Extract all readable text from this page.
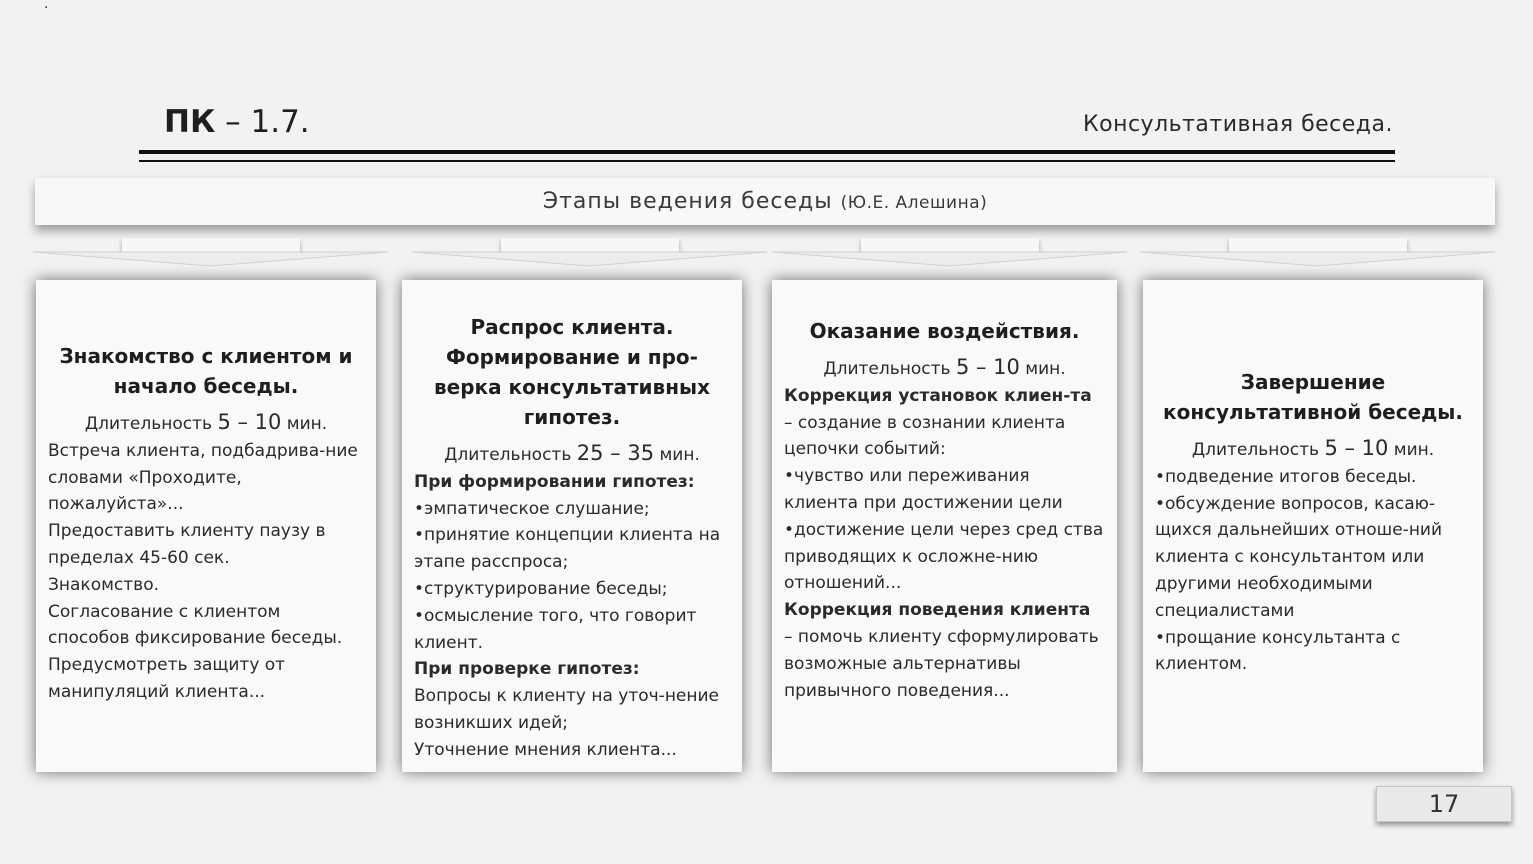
·
ПК – 1.7.	Консультативная беседа.
Этапы ведения беседы (Ю.Е. Алешина)
Знакомство с клиентом и начало беседы.
Длительность 5 – 10 мин.

Встреча клиента, подбадрива-ние словами «Проходите, пожалуйста»...

Предоставить клиенту паузу в пределах 45-60 сек.

Знакомство.

Согласование с клиентом способов фиксирование беседы.

Предусмотреть защиту от манипуляций клиента...

Распрос клиента. Формирование и про-верка консультативных гипотез.
Длительность 25 – 35 мин.

При формировании гипотез:

•эмпатическое слушание;

•принятие концепции клиента на этапе расспроса;

•структурирование беседы;

•осмысление того, что говорит клиент.

При проверке гипотез:

Вопросы к клиенту на уточ-нение возникших идей;

Уточнение мнения клиента...

Оказание воздействия.
Длительность 5 – 10 мин.

Коррекция установок клиен-та

– создание в сознании клиента цепочки событий:

•чувство или переживания клиента при достижении цели

•достижение цели через сред ства приводящих к осложне-нию отношений...

Коррекция поведения клиента

– помочь клиенту сформулировать возможные альтернативы привычного поведения...

Завершение консультативной беседы.
Длительность 5 – 10 мин.

•подведение итогов беседы.

•обсуждение вопросов, касаю-щихся дальнейших отноше-ний клиента с консультантом или другими необходимыми специалистами

•прощание консультанта с клиентом.

17
